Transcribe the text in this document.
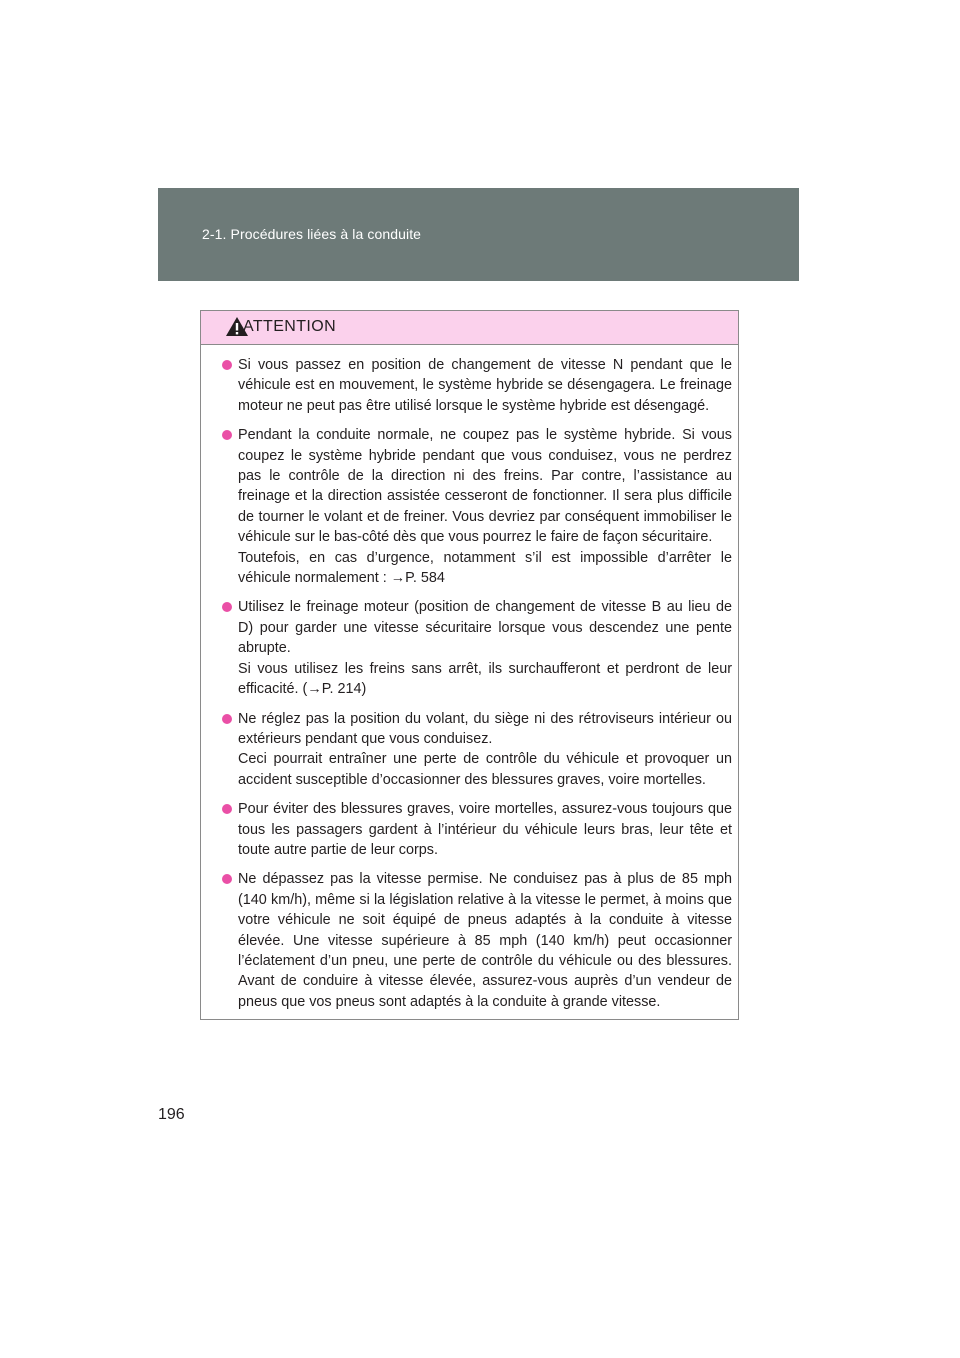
2-1. Procédures liées à la conduite
ATTENTION

Si vous passez en position de changement de vitesse N pendant que le véhicule est en mouvement, le système hybride se désengagera. Le freinage moteur ne peut pas être utilisé lorsque le système hybride est désengagé.

Pendant la conduite normale, ne coupez pas le système hybride. Si vous coupez le système hybride pendant que vous conduisez, vous ne perdrez pas le contrôle de la direction ni des freins. Par contre, l’assistance au freinage et la direction assistée cesseront de fonctionner. Il sera plus difficile de tourner le volant et de freiner. Vous devriez par conséquent immobiliser le véhicule sur le bas-côté dès que vous pourrez le faire de façon sécuritaire.

Toutefois, en cas d’urgence, notamment s’il est impossible d’arrêter le véhicule normalement : →P. 584

Utilisez le freinage moteur (position de changement de vitesse B au lieu de D) pour garder une vitesse sécuritaire lorsque vous descendez une pente abrupte.

Si vous utilisez les freins sans arrêt, ils surchaufferont et perdront de leur efficacité. (→P. 214)

Ne réglez pas la position du volant, du siège ni des rétroviseurs intérieur ou extérieurs pendant que vous conduisez.

Ceci pourrait entraîner une perte de contrôle du véhicule et provoquer un accident susceptible d’occasionner des blessures graves, voire mortelles.

Pour éviter des blessures graves, voire mortelles, assurez-vous toujours que tous les passagers gardent à l’intérieur du véhicule leurs bras, leur tête et toute autre partie de leur corps.

Ne dépassez pas la vitesse permise. Ne conduisez pas à plus de 85 mph (140 km/h), même si la législation relative à la vitesse le permet, à moins que votre véhicule ne soit équipé de pneus adaptés à la conduite à vitesse élevée. Une vitesse supérieure à 85 mph (140 km/h) peut occasionner l’éclatement d’un pneu, une perte de contrôle du véhicule ou des blessures. Avant de conduire à vitesse élevée, assurez-vous auprès d’un vendeur de pneus que vos pneus sont adaptés à la conduite à grande vitesse.

196
